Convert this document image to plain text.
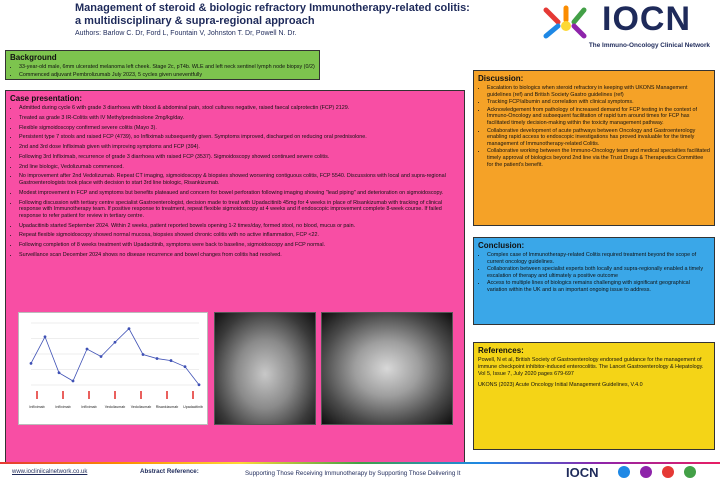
Management of steroid & biologic refractory Immunotherapy-related colitis:
a multidisciplinary & supra-regional approach
Authors: Barlow C. Dr, Ford L, Fountain V, Johnston T. Dr, Powell N. Dr.	IOCN
The Immuno-Oncology Clinical Network
Background
• 33-year-old male, 6mm ulcerated melanoma left cheek. Stage 2c, pT4b. WLE and left neck sentinel lymph node biopsy (0/2)
• Commenced adjuvant Pembrolizumab July 2023, 5 cycles given uneventfully
Case presentation:
• Admitted during cycle 6 with grade 3 diarrhoea with blood & abdominal pain, stool cultures negative, raised faecal calprotectin (FCP) 2129.
• Treated as grade 3 IR-Colitis with IV Methylprednisolone 2mg/kg/day.
• Flexible sigmoidoscopy confirmed severe colitis (Mayo 3).
• Persistent type 7 stools and raised FCP (4739), so Infliximab subsequently given. Symptoms improved, discharged on reducing oral prednisolone.
• 2nd and 3rd dose Infliximab given with improving symptoms and FCP (394).
• Following 3rd Infliximab, recurrence of grade 3 diarrhoea with raised FCP (3537). Sigmoidoscopy showed continued severe colitis.
• 2nd line biologic, Vedolizumab commenced.
• No improvement after 2nd Vedolizumab. Repeat CT imaging, sigmoidoscopy & biopsies showed worsening contiguous colitis, FCP 5540. Discussions with local and supra-regional Gastroenterologists took place with decision to start 3rd line biologic, Risankizumab.
• Modest improvement in FCP and symptoms but benefits plateaued and concern for bowel perforation following imaging showing "lead piping" and deterioration on sigmoidoscopy.
• Following discussion with tertiary centre specialist Gastroenterologist, decision made to treat with Upadacitinib 45mg for 4 weeks in place of Risankizumab with tracking of clinical response with Immunotherapy team. If positive response to treatment, repeat flexible sigmoidoscopy at 4 weeks and if endoscopic improvement complete 8-week course. If failed response to refer patient for review in tertiary centre.
• Upadacitinib started September 2024. Within 2 weeks, patient reported bowels opening 1-2 times/day, formed stool, no blood, mucus or pain.
• Repeat flexible sigmoidoscopy showed normal mucosa, biopsies showed chronic colitis with no active inflammation, FCP <22.
• Following completion of 8 weeks treatment with Upadacitinib, symptoms were back to baseline, sigmoidoscopy and FCP normal.
• Surveillance scan December 2024 shows no disease recurrence and bowel changes from colitis had resolved.
Infliximab	Infliximab	Infliximab Vedolizumab Vedolizumab Risankizumab Upadacitinib
Discussion:
• Escalation to biologics when steroid refractory in keeping with UKONS Management guidelines (ref) and British Society Gastro guidelines (ref)
• Tracking FCP/albumin and correlation with clinical symptoms.
• Acknowledgement from pathology of increased demand for FCP testing in the context of Immuno-Oncology and subsequent facilitation of rapid turn around times for FCP has facilitated timely decision-making within the toxicity management pathway.
• Collaborative development of acute pathways between Oncology and Gastroenterology enabling rapid access to endoscopic investigations has proved invaluable for the timely management of Immunotherapy-related Colitis.
• Collaborative working between the Immuno-Oncology team and medical specialties facilitated timely approval of biologics beyond 2nd line via the Trust Drugs & Therapeutics Committee for the patient's benefit.
Conclusion:
• Complex case of Immunotherapy-related Colitis required treatment beyond the scope of current oncology guidelines.
• Collaboration between specialist experts both locally and supra-regionally enabled a timely escalation of therapy and ultimately a positive outcome
• Access to multiple lines of biologics remains challenging with significant geographical variation within the UK and is an important ongoing issue to address.
References:

Powell, N et al, British Society of Gastroenterology endorsed guidance for the management of immune checkpoint inhibitor-induced enterocolitis. The Lancet Gastroenterology & Hepatology. Vol 5, Issue 7, July 2020 pages 679-697

UKONS (2023) Acute Oncology Initial Management Guidelines, V.4.0

www.iocliniicalnetwork.co.uk	Abstract Reference:	Supporting Those Receiving Immunotherapy by Supporting Those Delivering It	IOCN
